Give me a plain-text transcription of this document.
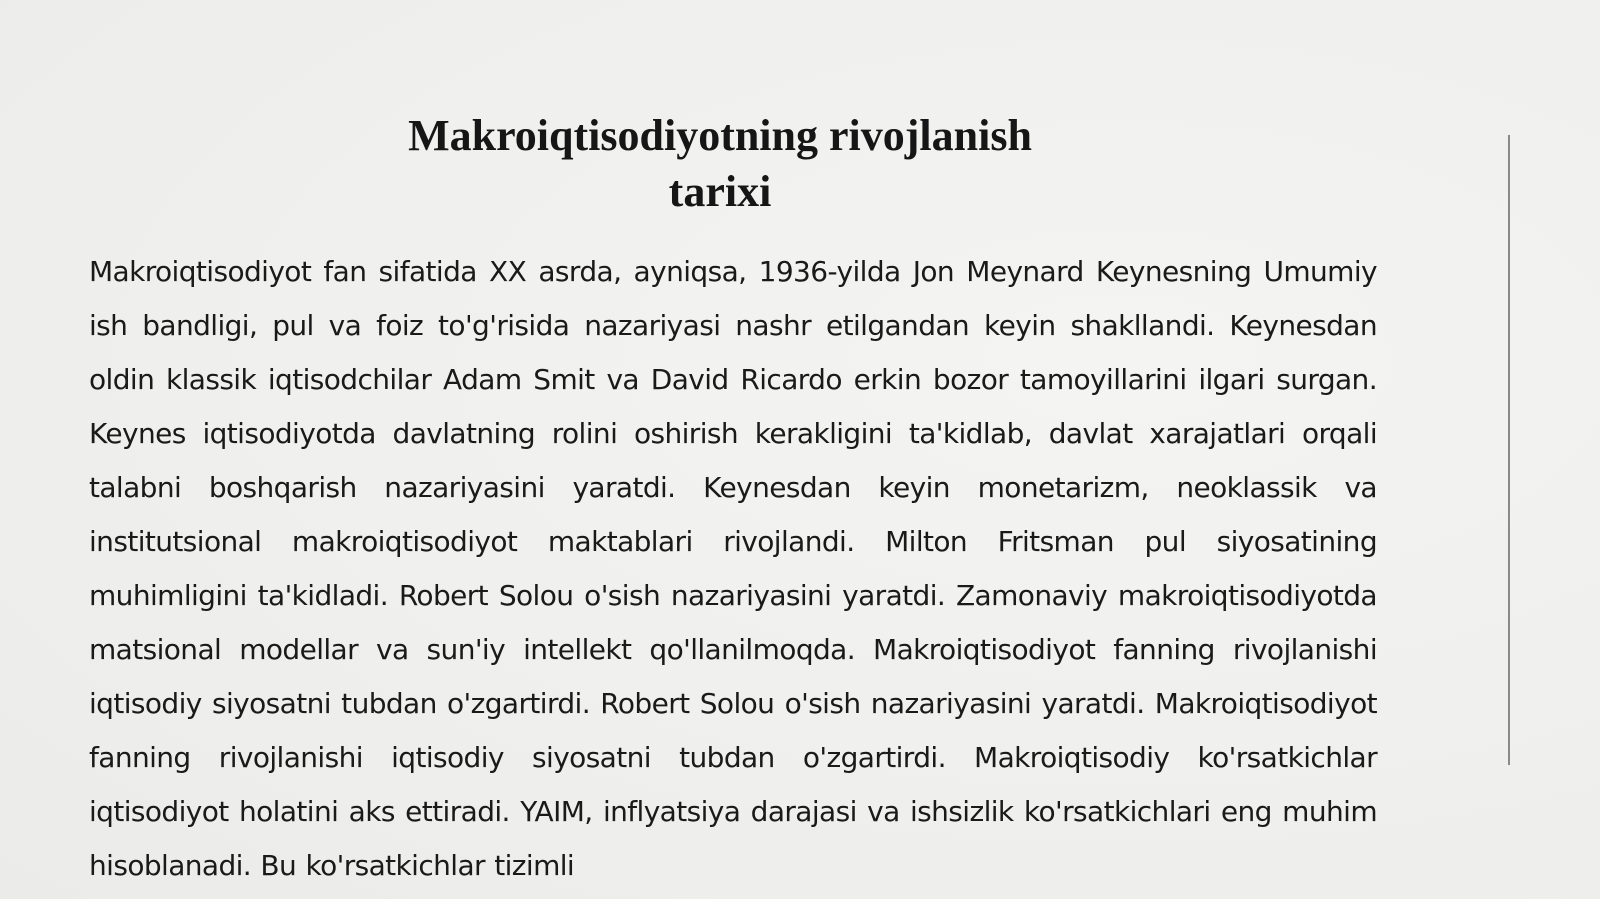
Makroiqtisodiyotning rivojlanish
tarixi

Makroiqtisodiyot fan sifatida XX asrda, ayniqsa, 1936-yilda Jon Meynard Keynesning Umumiy ish bandligi, pul va foiz to'g'risida nazariyasi nashr etilgandan keyin shakllandi. Keynesdan oldin klassik iqtisodchilar Adam Smit va David Ricardo erkin bozor tamoyillarini ilgari surgan. Keynes iqtisodiyotda davlatning rolini oshirish kerakligini ta'kidlab, davlat xarajatlari orqali talabni boshqarish nazariyasini yaratdi. Keynesdan keyin monetarizm, neoklassik va institutsional makroiqtisodiyot maktablari rivojlandi. Milton Fritsman pul siyosatining muhimligini ta'kidladi. Robert Solou o'sish nazariyasini yaratdi. Zamonaviy makroiqtisodiyotda matsional modellar va sun'iy intellekt qo'llanilmoqda. Makroiqtisodiyot fanning rivojlanishi iqtisodiy siyosatni tubdan o'zgartirdi. Robert Solou o'sish nazariyasini yaratdi. Makroiqtisodiyot fanning rivojlanishi iqtisodiy siyosatni tubdan o'zgartirdi. Makroiqtisodiy ko'rsatkichlar iqtisodiyot holatini aks ettiradi. YAIM, inflyatsiya darajasi va ishsizlik ko'rsatkichlari eng muhim hisoblanadi. Bu ko'rsatkichlar tizimli
